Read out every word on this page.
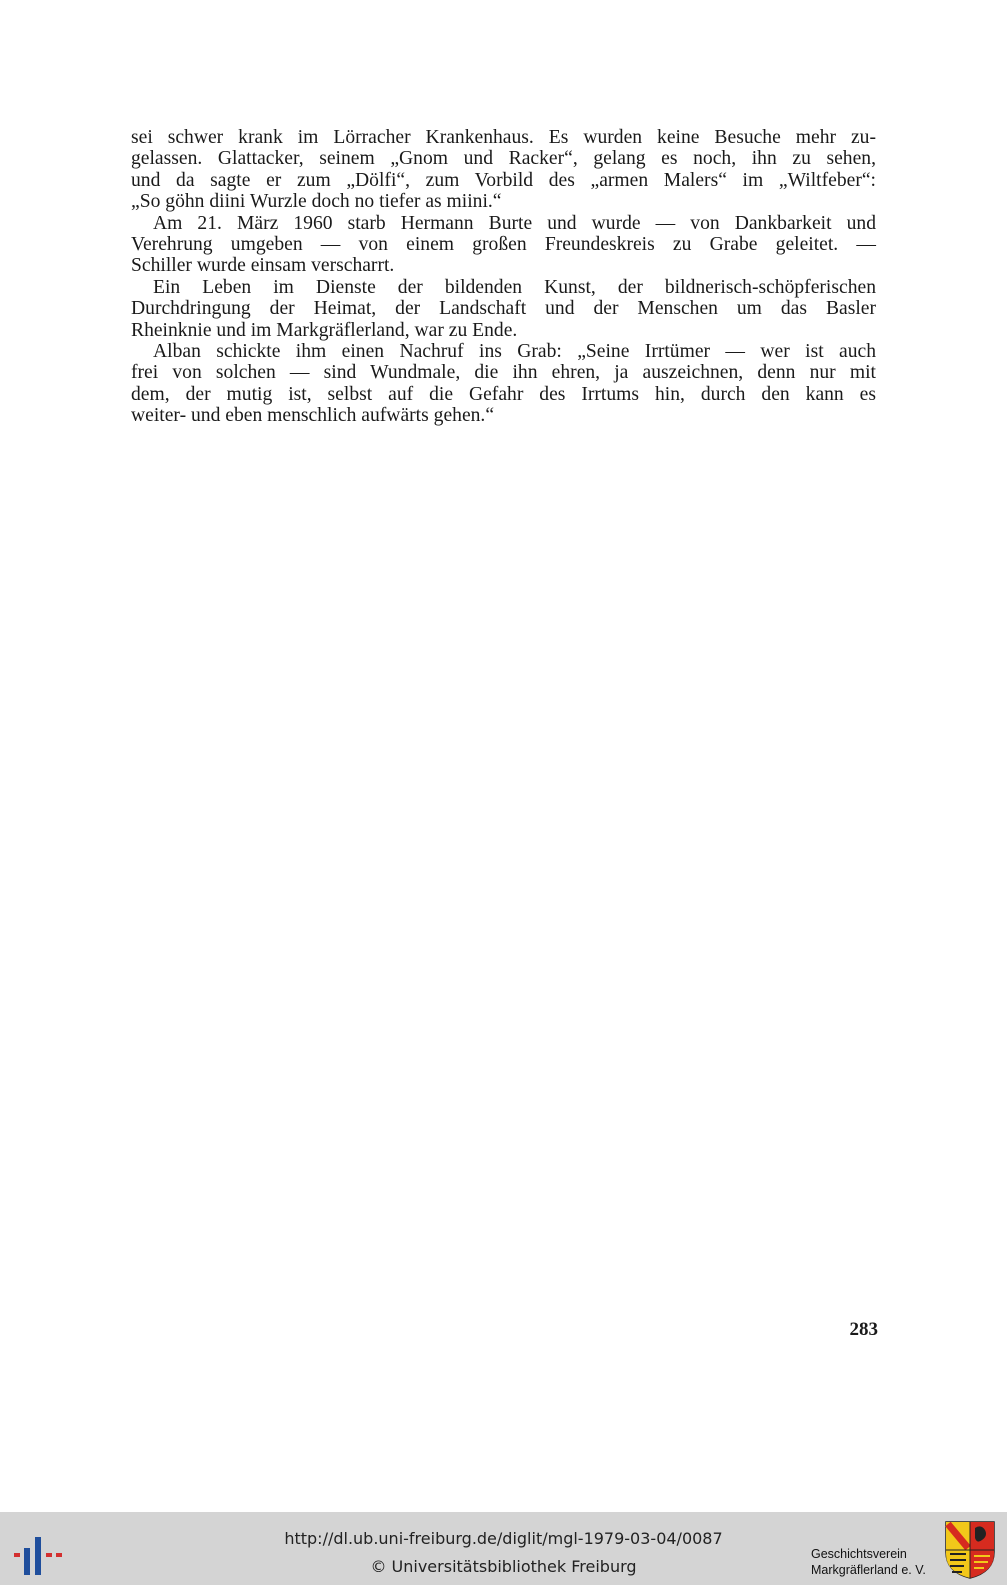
sei schwer krank im Lörracher Krankenhaus. Es wurden keine Besuche mehr zu-
gelassen. Glattacker, seinem „Gnom und Racker“, gelang es noch, ihn zu sehen,
und da sagte er zum „Dölfi“, zum Vorbild des „armen Malers“ im „Wiltfeber“:
„So göhn diini Wurzle doch no tiefer as miini.“

Am 21. März 1960 starb Hermann Burte und wurde — von Dankbarkeit und
Verehrung umgeben — von einem großen Freundeskreis zu Grabe geleitet. —
Schiller wurde einsam verscharrt.

Ein Leben im Dienste der bildenden Kunst, der bildnerisch-schöpferischen
Durchdringung der Heimat, der Landschaft und der Menschen um das Basler
Rheinknie und im Markgräflerland, war zu Ende.

Alban schickte ihm einen Nachruf ins Grab: „Seine Irrtümer — wer ist auch
frei von solchen — sind Wundmale, die ihn ehren, ja auszeichnen, denn nur mit
dem, der mutig ist, selbst auf die Gefahr des Irrtums hin, durch den kann es
weiter- und eben menschlich aufwärts gehen.“

283
http://dl.ub.uni-freiburg.de/diglit/mgl-1979-03-04/0087
© Universitätsbibliothek Freiburg
Geschichtsverein
Markgräflerland e. V.
